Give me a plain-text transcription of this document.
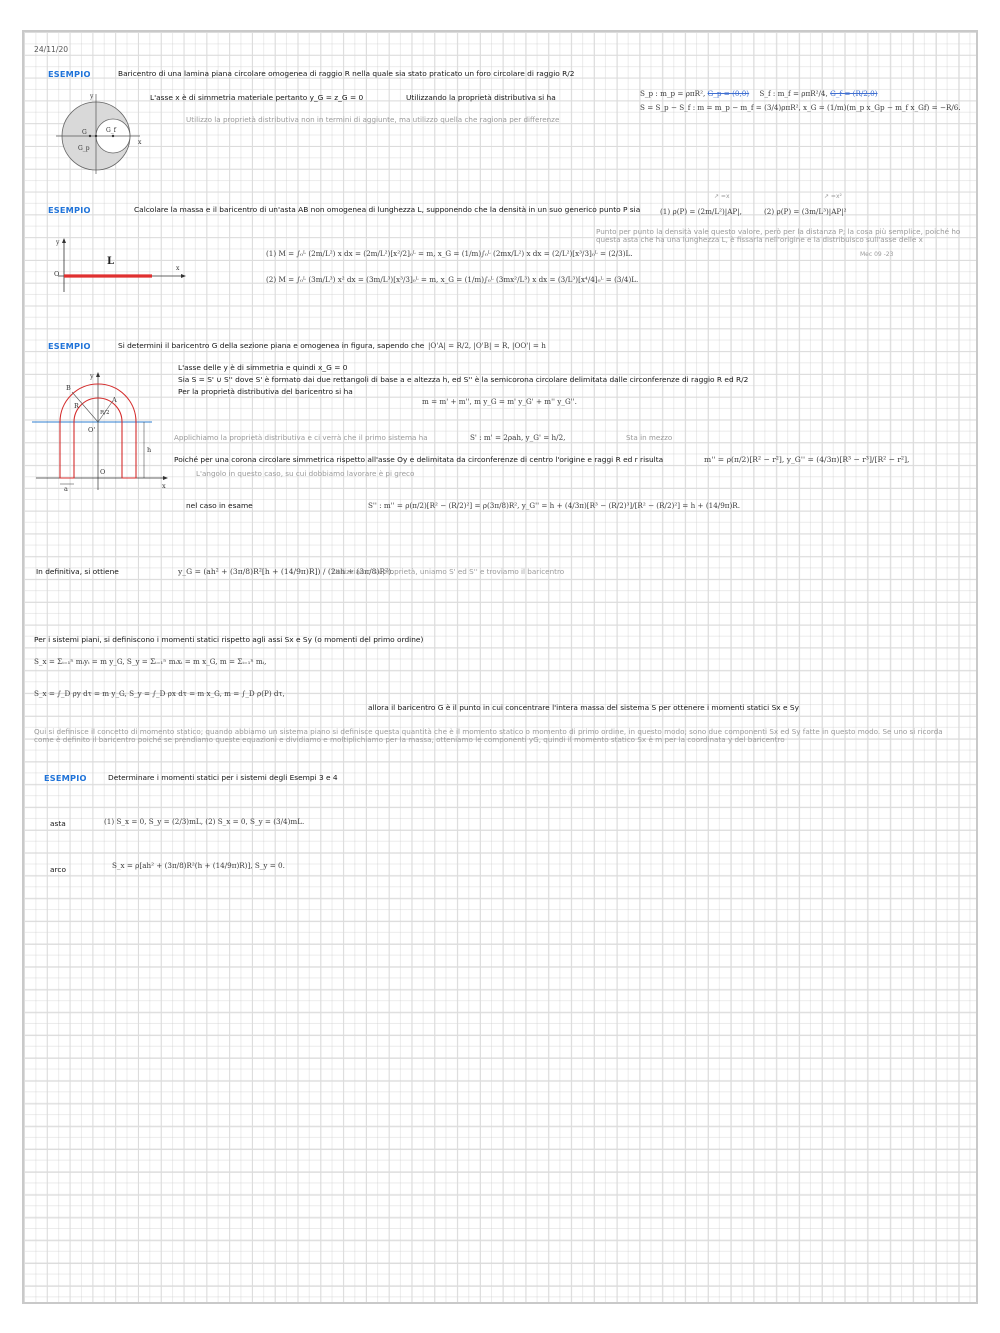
24/11/20
ESEMPIO	Baricentro di una lamina piana circolare omogenea di raggio R nella quale sia stato praticato un foro circolare di raggio R/2
y
x
G	G_f
G_p
L'asse x è di simmetria materiale pertanto y_G = z_G = 0	Utilizzando la proprietà distributiva si ha	S_p : m_p = ρπR², G_p = (0,0) S_f : m_f = ρπR²/4, G_f = (R/2,0)
S = S_p − S_f : m = m_p − m_f = (3/4)ρπR², x_G = (1/m)(m_p x_Gp − m_f x_Gf) = −R/6.
Utilizzo la proprietà distributiva non in termini di aggiunte, ma utilizzo quella che ragiona per differenze
ESEMPIO	Calcolare la massa e il baricentro di un'asta AB non omogenea di lunghezza L, supponendo che la densità in un suo generico punto P sia	(1) ρ(P) = (2m/L²)|AP|,	(2) ρ(P) = (3m/L³)|AP|²
↗ =x	↗ =x²
Punto per punto la densità vale questo valore, però per la distanza P; la cosa più semplice, poiché ho questa asta che ha una lunghezza L, è fissarla nell'origine e la distribuisco sull'asse delle x
Mec 09 -23
y
x
O
L
(1) M = ∫₀ᴸ (2m/L²) x dx = (2m/L²)[x²/2]₀ᴸ = m, x_G = (1/m)∫₀ᴸ (2mx/L²) x dx = (2/L²)[x³/3]₀ᴸ = (2/3)L.
(2) M = ∫₀ᴸ (3m/L³) x² dx = (3m/L³)[x³/3]₀ᴸ = m, x_G = (1/m)∫₀ᴸ (3mx²/L³) x dx = (3/L³)[x⁴/4]₀ᴸ = (3/4)L.
ESEMPIO	Si determini il baricentro G della sezione piana e omogenea in figura, sapendo che |O'A| = R/2, |O'B| = R, |OO'| = h
L'asse delle y è di simmetria e quindi x_G = 0
Sia S = S' ∪ S'' dove S' è formato dai due rettangoli di base a e altezza h, ed S'' è la semicorona circolare delimitata dalle circonferenze di raggio R ed R/2
Per la proprietà distributiva del baricentro si ha
m = m' + m'', m y_G = m' y_G' + m'' y_G''.
B
A
R
R/2
O'
O
h
a
y
x
Applichiamo la proprietà distributiva e ci verrà che il primo sistema ha	S' : m' = 2ρah, y_G' = h/2,	Sta in mezzo
Poiché per una corona circolare simmetrica rispetto all'asse Oy e delimitata da circonferenze di centro l'origine e raggi R ed r risulta	m'' = ρ(π/2)[R² − r²], y_G'' = (4/3π)[R³ − r³]/[R² − r²],
L'angolo in questo caso, su cui dobbiamo lavorare è pi greco
nel caso in esame	S'' : m'' = ρ(π/2)[R² − (R/2)²] = ρ(3π/8)R², y_G'' = h + (4/3π)[R³ − (R/2)³]/[R² − (R/2)²] = h + (14/9π)R.
In definitiva, si ottiene	y_G = (ah² + (3π/8)R²[h + (14/9π)R]) / (2ah + (3π/8)R²).
Utilizziamo la proprietà, uniamo S' ed S'' e troviamo il baricentro
Per i sistemi piani, si definiscono i momenti statici rispetto agli assi Sx e Sy (o momenti del primo ordine)
S_x = Σᵢ₌₁ⁿ mᵢyᵢ = m y_G, S_y = Σᵢ₌₁ⁿ mᵢxᵢ = m x_G, m = Σᵢ₌₁ⁿ mᵢ,
S_x = ∫_D ρy dτ = m y_G, S_y = ∫_D ρx dτ = m x_G, m = ∫_D ρ(P) dτ,
allora il baricentro G è il punto in cui concentrare l'intera massa del sistema S per ottenere i momenti statici Sx e Sy
Qui si definisce il concetto di momento statico; quando abbiamo un sistema piano si definisce questa quantità che è il momento statico o momento di primo ordine, in questo modo; sono due componenti Sx ed Sy fatte in questo modo. Se uno si ricorda come è definito il baricentro poiché se prendiamo queste equazioni e dividiamo e moltiplichiamo per la massa, otteniamo le componenti yG, quindi il momento statico Sx è m per la coordinata y del baricentro
ESEMPIO	Determinare i momenti statici per i sistemi degli Esempi 3 e 4
asta	(1) S_x = 0, S_y = (2/3)mL, (2) S_x = 0, S_y = (3/4)mL.
arco	S_x = ρ[ah² + (3π/8)R²(h + (14/9π)R)], S_y = 0.
